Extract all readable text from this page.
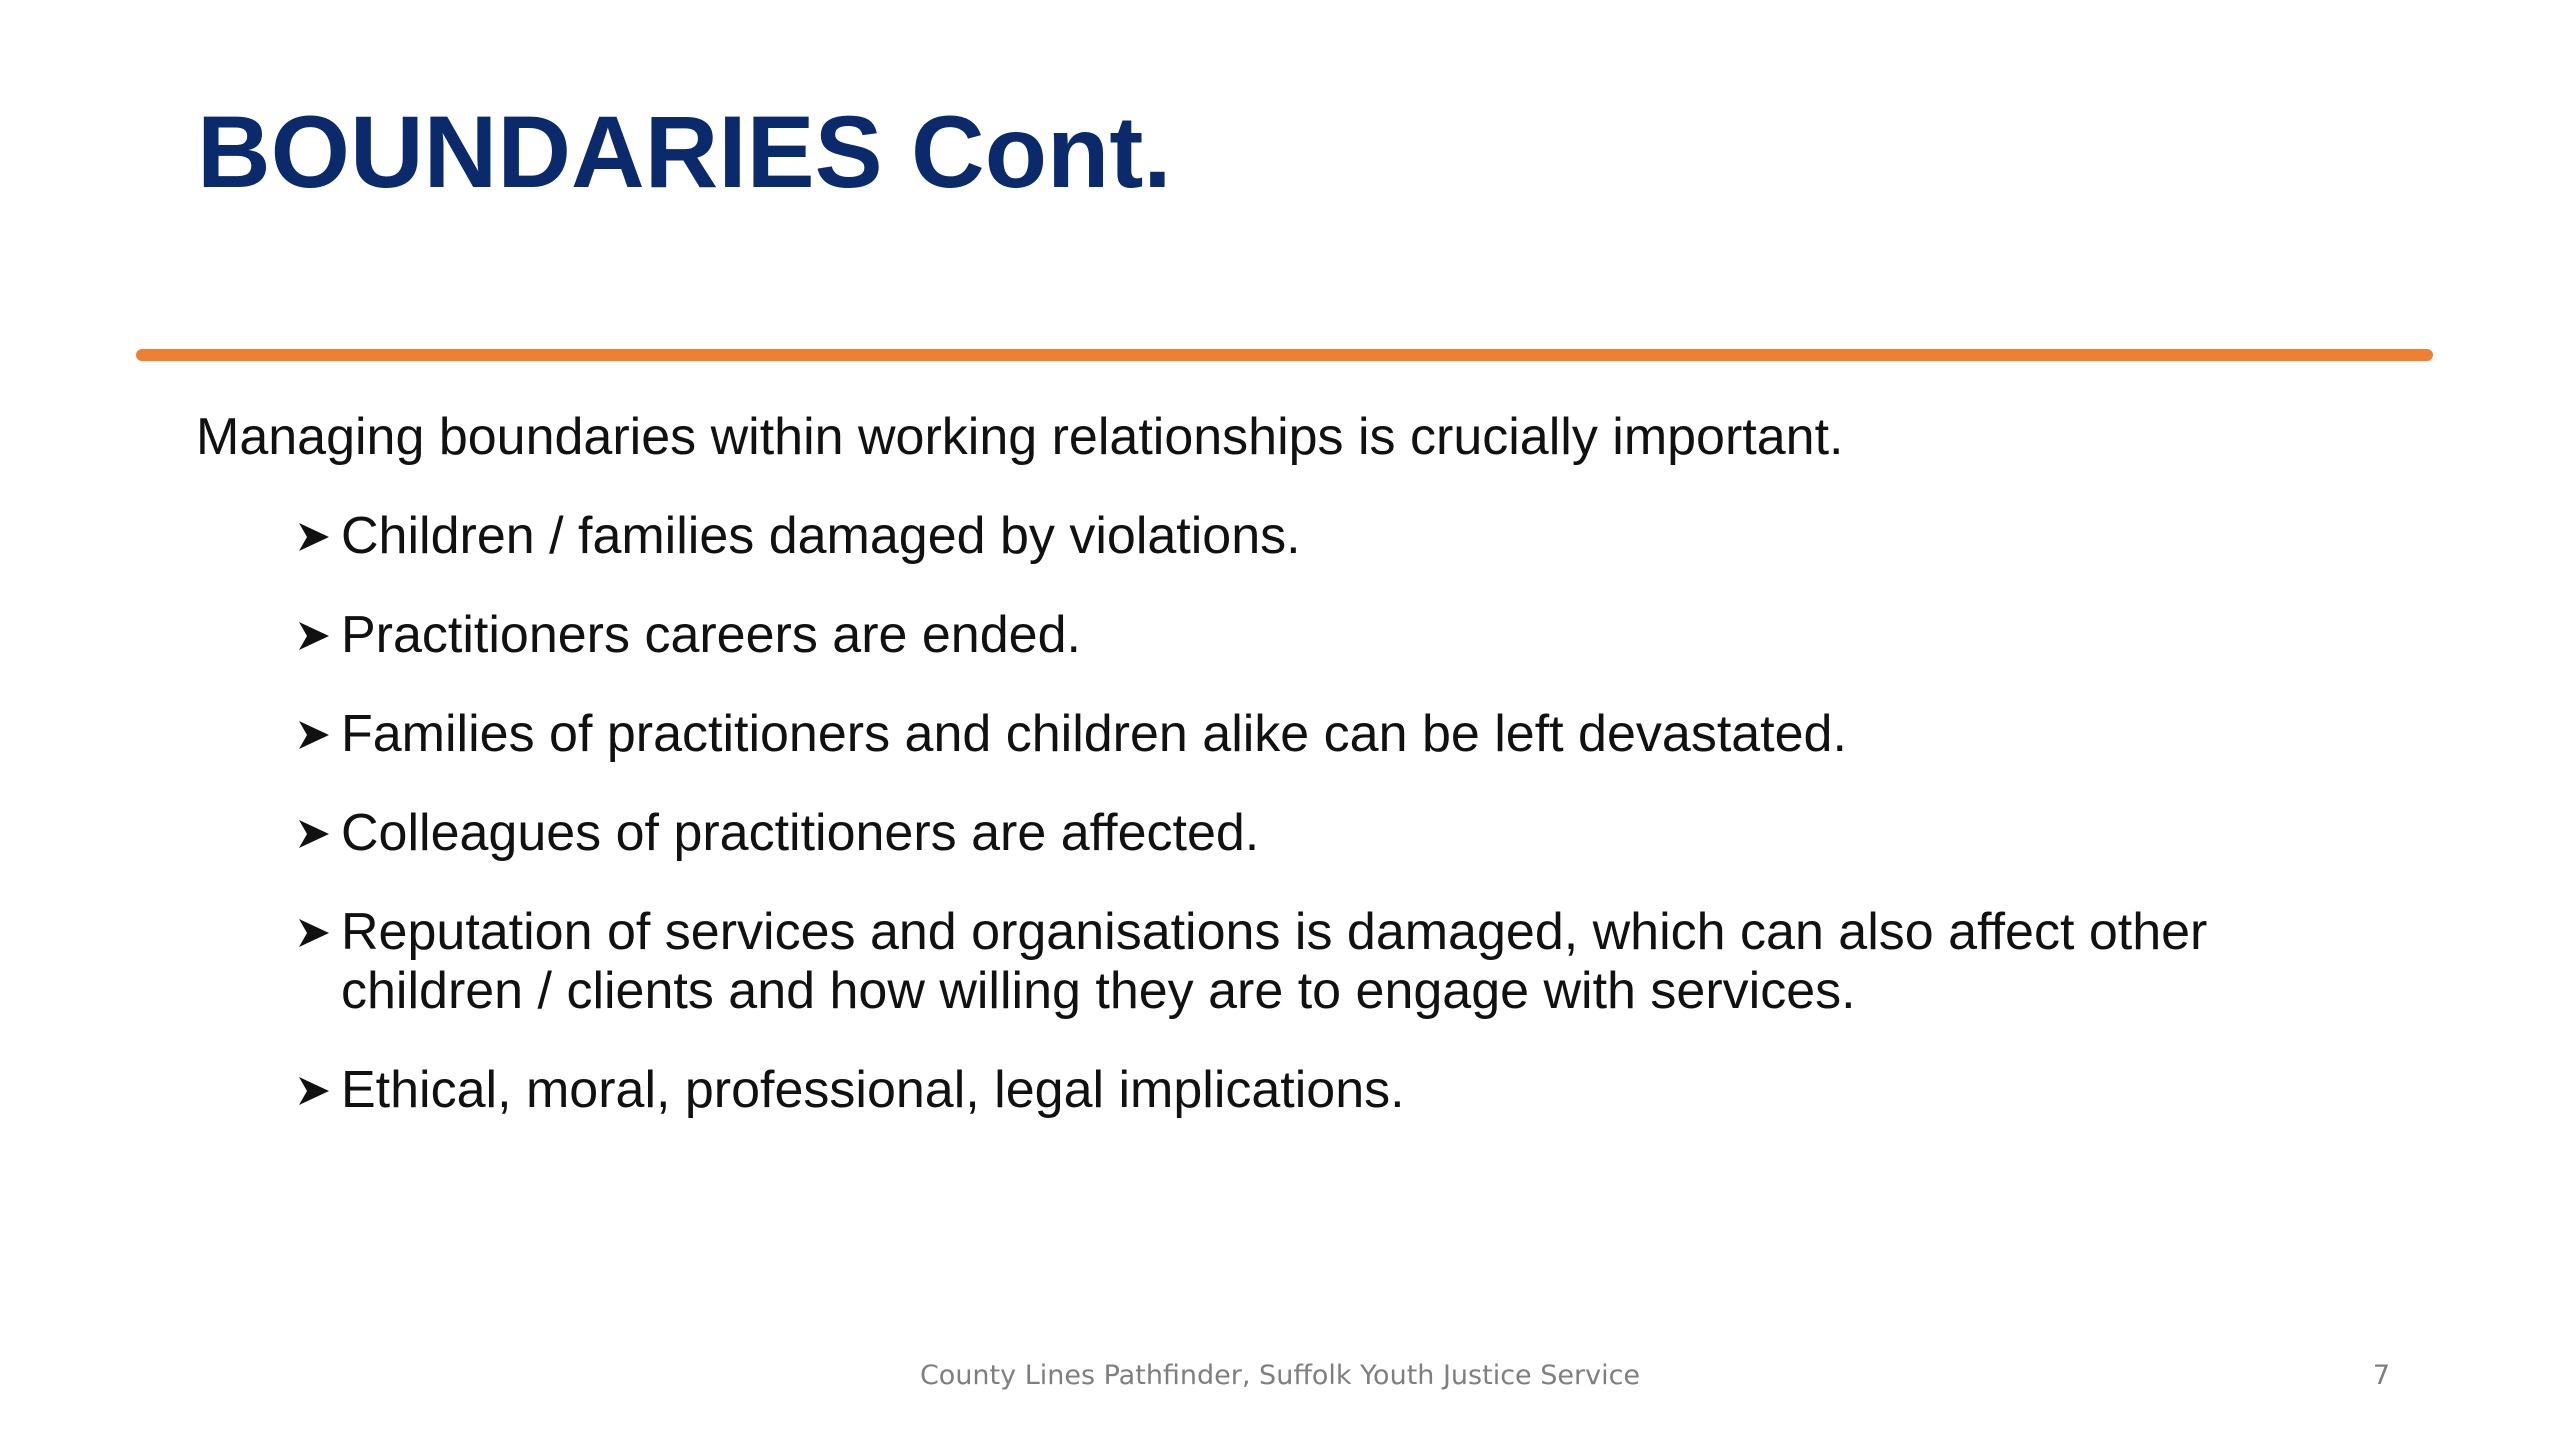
BOUNDARIES Cont.

Managing boundaries within working relationships is crucially important.

Children / families damaged by violations.
Practitioners careers are ended.
Families of practitioners and children alike can be left devastated.
Colleagues of practitioners are affected.
Reputation of services and organisations is damaged, which can also affect other children / clients and how willing they are to engage with services.
Ethical, moral, professional, legal implications.
County Lines Pathfinder, Suffolk Youth Justice Service	7
